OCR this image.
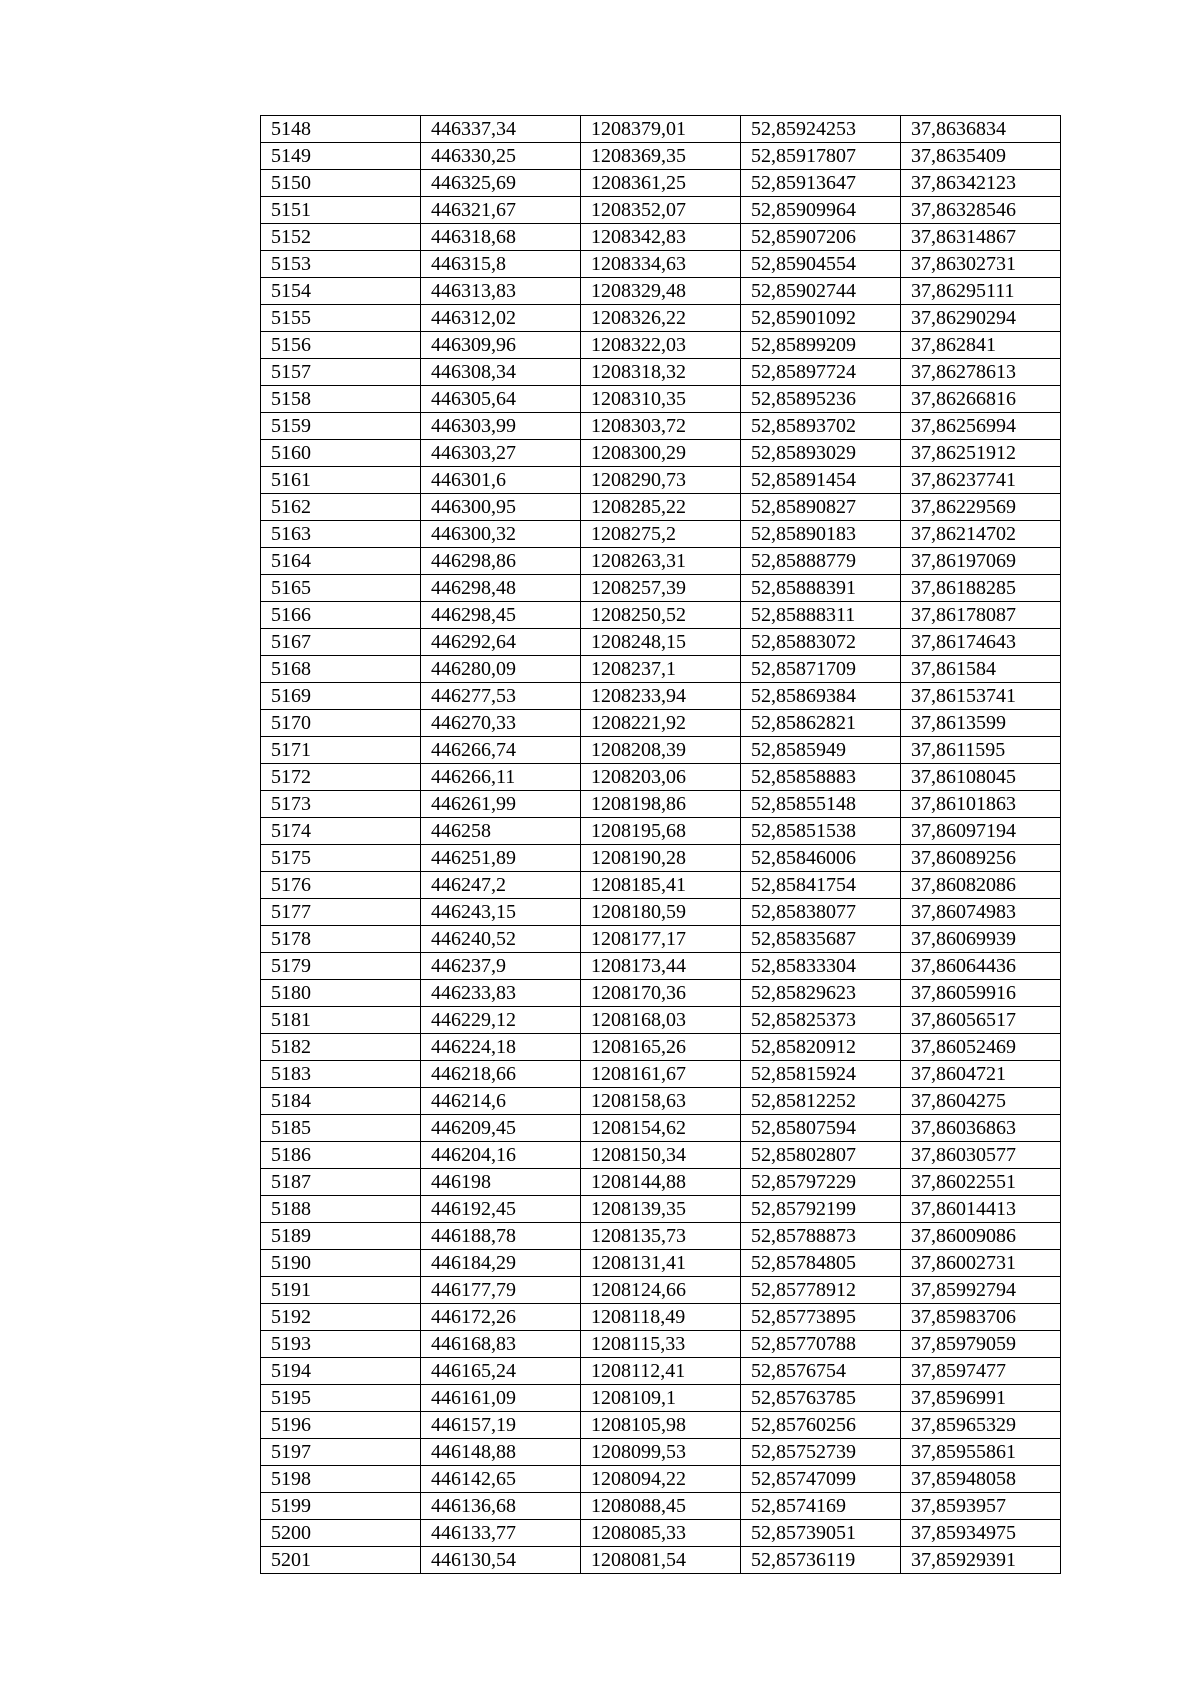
5148	446337,34	1208379,01	52,85924253	37,8636834
5149	446330,25	1208369,35	52,85917807	37,8635409
5150	446325,69	1208361,25	52,85913647	37,86342123
5151	446321,67	1208352,07	52,85909964	37,86328546
5152	446318,68	1208342,83	52,85907206	37,86314867
5153	446315,8	1208334,63	52,85904554	37,86302731
5154	446313,83	1208329,48	52,85902744	37,86295111
5155	446312,02	1208326,22	52,85901092	37,86290294
5156	446309,96	1208322,03	52,85899209	37,862841
5157	446308,34	1208318,32	52,85897724	37,86278613
5158	446305,64	1208310,35	52,85895236	37,86266816
5159	446303,99	1208303,72	52,85893702	37,86256994
5160	446303,27	1208300,29	52,85893029	37,86251912
5161	446301,6	1208290,73	52,85891454	37,86237741
5162	446300,95	1208285,22	52,85890827	37,86229569
5163	446300,32	1208275,2	52,85890183	37,86214702
5164	446298,86	1208263,31	52,85888779	37,86197069
5165	446298,48	1208257,39	52,85888391	37,86188285
5166	446298,45	1208250,52	52,85888311	37,86178087
5167	446292,64	1208248,15	52,85883072	37,86174643
5168	446280,09	1208237,1	52,85871709	37,861584
5169	446277,53	1208233,94	52,85869384	37,86153741
5170	446270,33	1208221,92	52,85862821	37,8613599
5171	446266,74	1208208,39	52,8585949	37,8611595
5172	446266,11	1208203,06	52,85858883	37,86108045
5173	446261,99	1208198,86	52,85855148	37,86101863
5174	446258	1208195,68	52,85851538	37,86097194
5175	446251,89	1208190,28	52,85846006	37,86089256
5176	446247,2	1208185,41	52,85841754	37,86082086
5177	446243,15	1208180,59	52,85838077	37,86074983
5178	446240,52	1208177,17	52,85835687	37,86069939
5179	446237,9	1208173,44	52,85833304	37,86064436
5180	446233,83	1208170,36	52,85829623	37,86059916
5181	446229,12	1208168,03	52,85825373	37,86056517
5182	446224,18	1208165,26	52,85820912	37,86052469
5183	446218,66	1208161,67	52,85815924	37,8604721
5184	446214,6	1208158,63	52,85812252	37,8604275
5185	446209,45	1208154,62	52,85807594	37,86036863
5186	446204,16	1208150,34	52,85802807	37,86030577
5187	446198	1208144,88	52,85797229	37,86022551
5188	446192,45	1208139,35	52,85792199	37,86014413
5189	446188,78	1208135,73	52,85788873	37,86009086
5190	446184,29	1208131,41	52,85784805	37,86002731
5191	446177,79	1208124,66	52,85778912	37,85992794
5192	446172,26	1208118,49	52,85773895	37,85983706
5193	446168,83	1208115,33	52,85770788	37,85979059
5194	446165,24	1208112,41	52,8576754	37,8597477
5195	446161,09	1208109,1	52,85763785	37,8596991
5196	446157,19	1208105,98	52,85760256	37,85965329
5197	446148,88	1208099,53	52,85752739	37,85955861
5198	446142,65	1208094,22	52,85747099	37,85948058
5199	446136,68	1208088,45	52,8574169	37,8593957
5200	446133,77	1208085,33	52,85739051	37,85934975
5201	446130,54	1208081,54	52,85736119	37,85929391
